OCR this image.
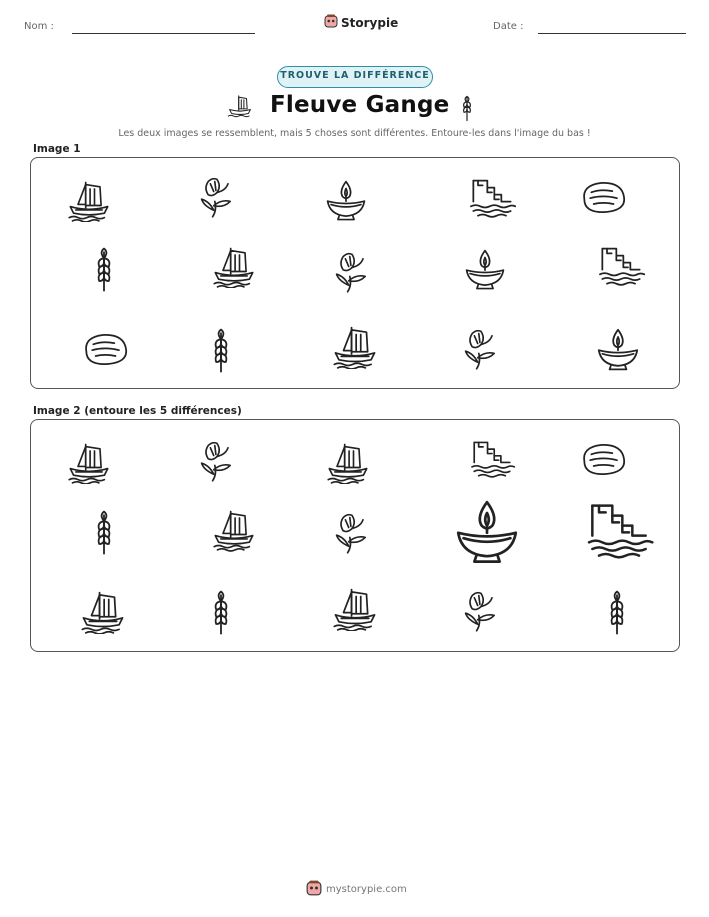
Nom :	Storypie	Date :
TROUVE LA DIFFÉRENCE
Fleuve Gange
Les deux images se ressemblent, mais 5 choses sont différentes. Entoure-les dans l'image du bas !
Image 1
Image 2 (entoure les 5 différences)
mystorypie.com
